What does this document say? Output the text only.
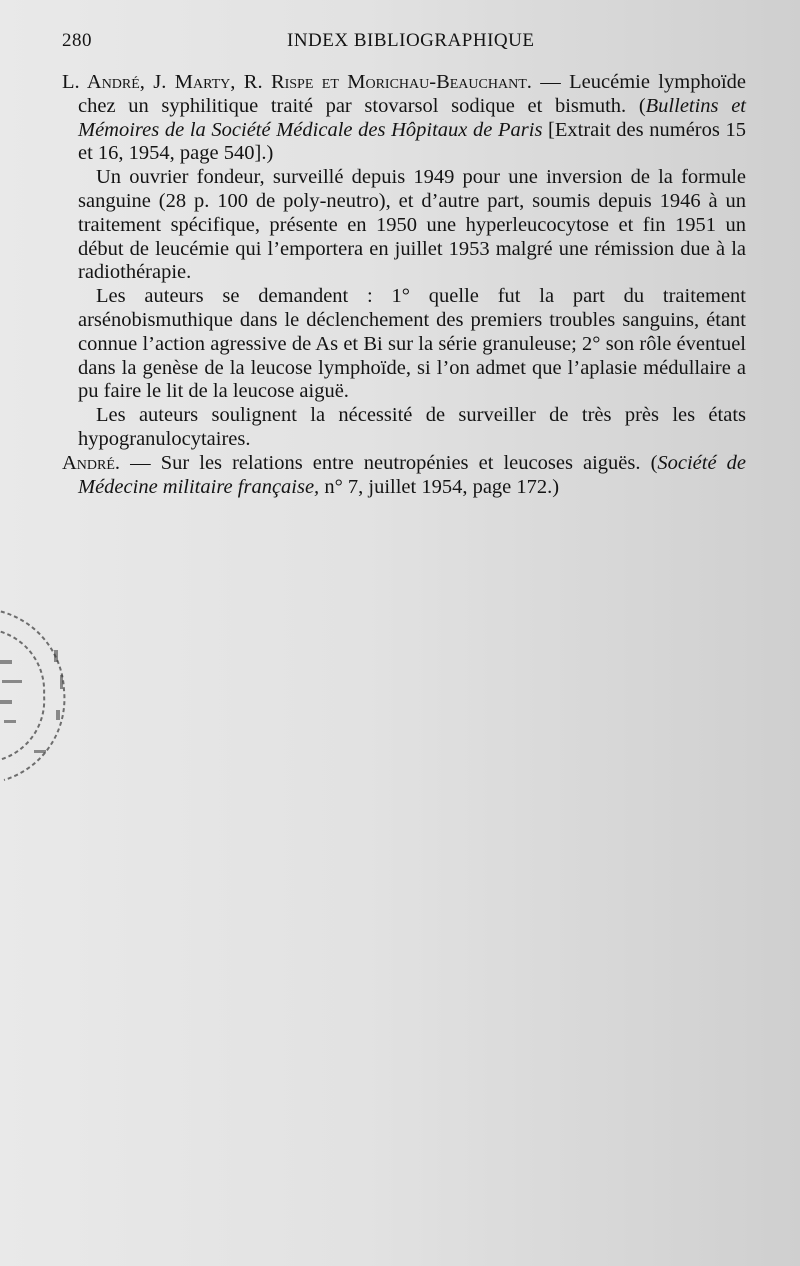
280	INDEX BIBLIOGRAPHIQUE

L. André, J. Marty, R. Rispe et Morichau-Beauchant. — Leucémie lymphoïde chez un syphilitique traité par stovarsol sodique et bismuth. (Bulletins et Mémoires de la Société Médicale des Hôpitaux de Paris [Extrait des numéros 15 et 16, 1954, page 540].)

Un ouvrier fondeur, surveillé depuis 1949 pour une inversion de la formule sanguine (28 p. 100 de poly-neutro), et d’autre part, soumis depuis 1946 à un traitement spécifique, présente en 1950 une hyperleucocytose et fin 1951 un début de leucémie qui l’emportera en juillet 1953 malgré une rémission due à la radiothérapie.

Les auteurs se demandent : 1° quelle fut la part du traitement arsénobismuthique dans le déclenchement des premiers troubles sanguins, étant connue l’action agressive de As et Bi sur la série granuleuse; 2° son rôle éventuel dans la genèse de la leucose lymphoïde, si l’on admet que l’aplasie médullaire a pu faire le lit de la leucose aiguë.

Les auteurs soulignent la nécessité de surveiller de très près les états hypogranulocytaires.

André. — Sur les relations entre neutropénies et leucoses aiguës. (Société de Médecine militaire française, n° 7, juillet 1954, page 172.)
